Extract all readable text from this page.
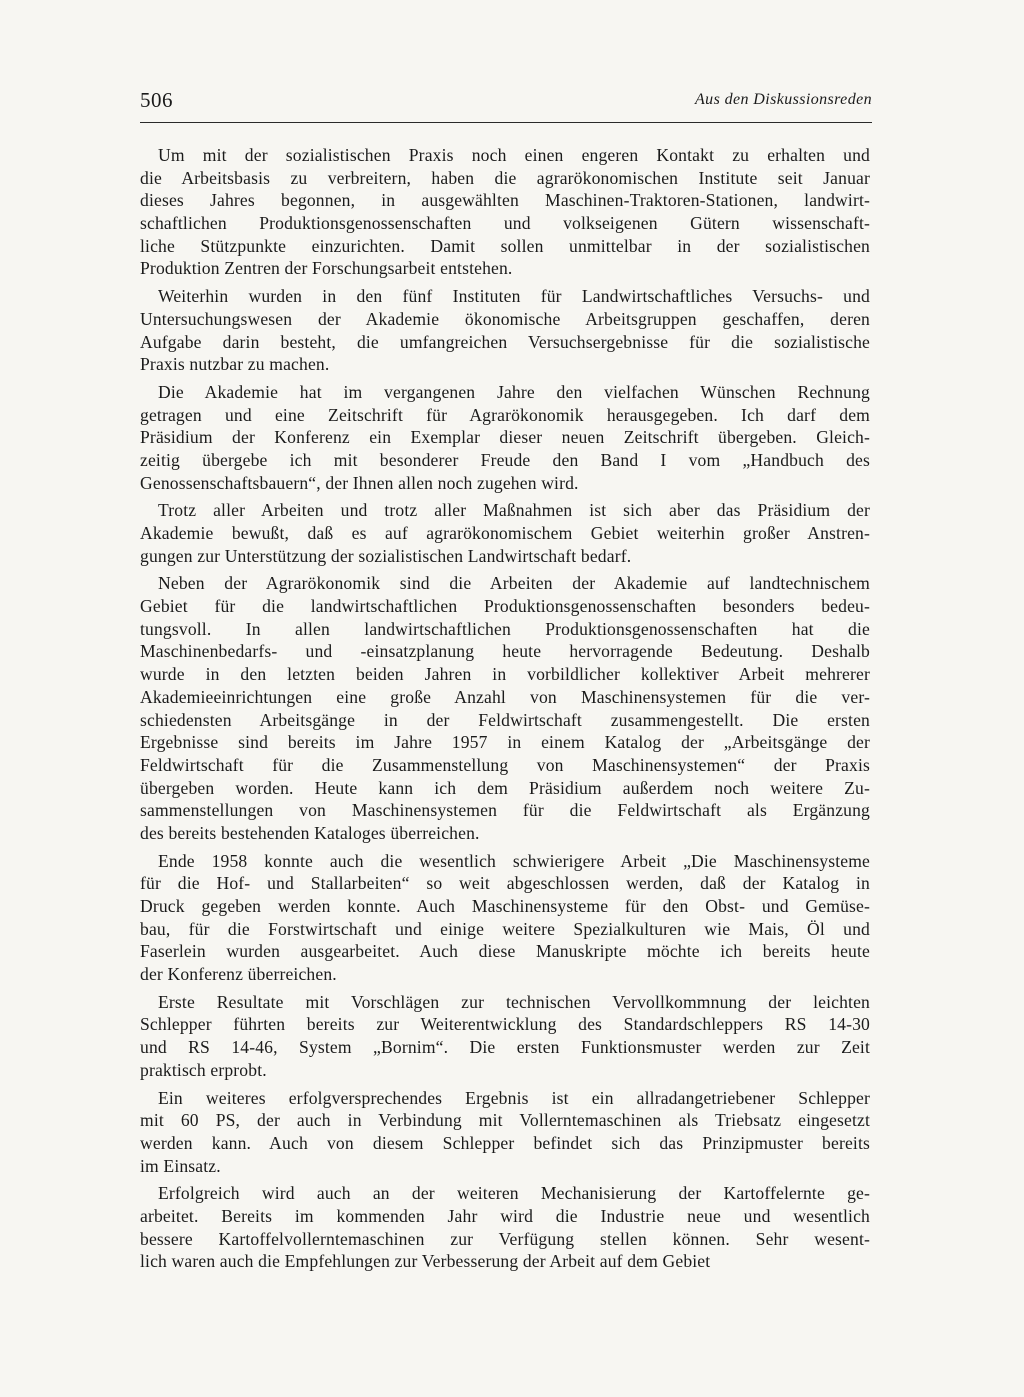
506	Aus den Diskussionsreden
Um mit der sozialistischen Praxis noch einen engeren Kontakt zu erhalten und
die Arbeitsbasis zu verbreitern, haben die agrarökonomischen Institute seit Januar
dieses Jahres begonnen, in ausgewählten Maschinen-Traktoren-Stationen, landwirt-
schaftlichen Produktionsgenossenschaften und volkseigenen Gütern wissenschaft-
liche Stützpunkte einzurichten. Damit sollen unmittelbar in der sozialistischen
Produktion Zentren der Forschungsarbeit entstehen.
Weiterhin wurden in den fünf Instituten für Landwirtschaftliches Versuchs- und
Untersuchungswesen der Akademie ökonomische Arbeitsgruppen geschaffen, deren
Aufgabe darin besteht, die umfangreichen Versuchsergebnisse für die sozialistische
Praxis nutzbar zu machen.
Die Akademie hat im vergangenen Jahre den vielfachen Wünschen Rechnung
getragen und eine Zeitschrift für Agrarökonomik herausgegeben. Ich darf dem
Präsidium der Konferenz ein Exemplar dieser neuen Zeitschrift übergeben. Gleich-
zeitig übergebe ich mit besonderer Freude den Band I vom „Handbuch des
Genossenschaftsbauern“, der Ihnen allen noch zugehen wird.
Trotz aller Arbeiten und trotz aller Maßnahmen ist sich aber das Präsidium der
Akademie bewußt, daß es auf agrarökonomischem Gebiet weiterhin großer Anstren-
gungen zur Unterstützung der sozialistischen Landwirtschaft bedarf.
Neben der Agrarökonomik sind die Arbeiten der Akademie auf landtechnischem
Gebiet für die landwirtschaftlichen Produktionsgenossenschaften besonders bedeu-
tungsvoll. In allen landwirtschaftlichen Produktionsgenossenschaften hat die
Maschinenbedarfs- und -einsatzplanung heute hervorragende Bedeutung. Deshalb
wurde in den letzten beiden Jahren in vorbildlicher kollektiver Arbeit mehrerer
Akademieeinrichtungen eine große Anzahl von Maschinensystemen für die ver-
schiedensten Arbeitsgänge in der Feldwirtschaft zusammengestellt. Die ersten
Ergebnisse sind bereits im Jahre 1957 in einem Katalog der „Arbeitsgänge der
Feldwirtschaft für die Zusammenstellung von Maschinensystemen“ der Praxis
übergeben worden. Heute kann ich dem Präsidium außerdem noch weitere Zu-
sammenstellungen von Maschinensystemen für die Feldwirtschaft als Ergänzung
des bereits bestehenden Kataloges überreichen.
Ende 1958 konnte auch die wesentlich schwierigere Arbeit „Die Maschinensysteme
für die Hof- und Stallarbeiten“ so weit abgeschlossen werden, daß der Katalog in
Druck gegeben werden konnte. Auch Maschinensysteme für den Obst- und Gemüse-
bau, für die Forstwirtschaft und einige weitere Spezialkulturen wie Mais, Öl und
Faserlein wurden ausgearbeitet. Auch diese Manuskripte möchte ich bereits heute
der Konferenz überreichen.
Erste Resultate mit Vorschlägen zur technischen Vervollkommnung der leichten
Schlepper führten bereits zur Weiterentwicklung des Standardschleppers RS 14-30
und RS 14-46, System „Bornim“. Die ersten Funktionsmuster werden zur Zeit
praktisch erprobt.
Ein weiteres erfolgversprechendes Ergebnis ist ein allradangetriebener Schlepper
mit 60 PS, der auch in Verbindung mit Vollerntemaschinen als Triebsatz eingesetzt
werden kann. Auch von diesem Schlepper befindet sich das Prinzipmuster bereits
im Einsatz.
Erfolgreich wird auch an der weiteren Mechanisierung der Kartoffelernte ge-
arbeitet. Bereits im kommenden Jahr wird die Industrie neue und wesentlich
bessere Kartoffelvollerntemaschinen zur Verfügung stellen können. Sehr wesent-
lich waren auch die Empfehlungen zur Verbesserung der Arbeit auf dem Gebiet
